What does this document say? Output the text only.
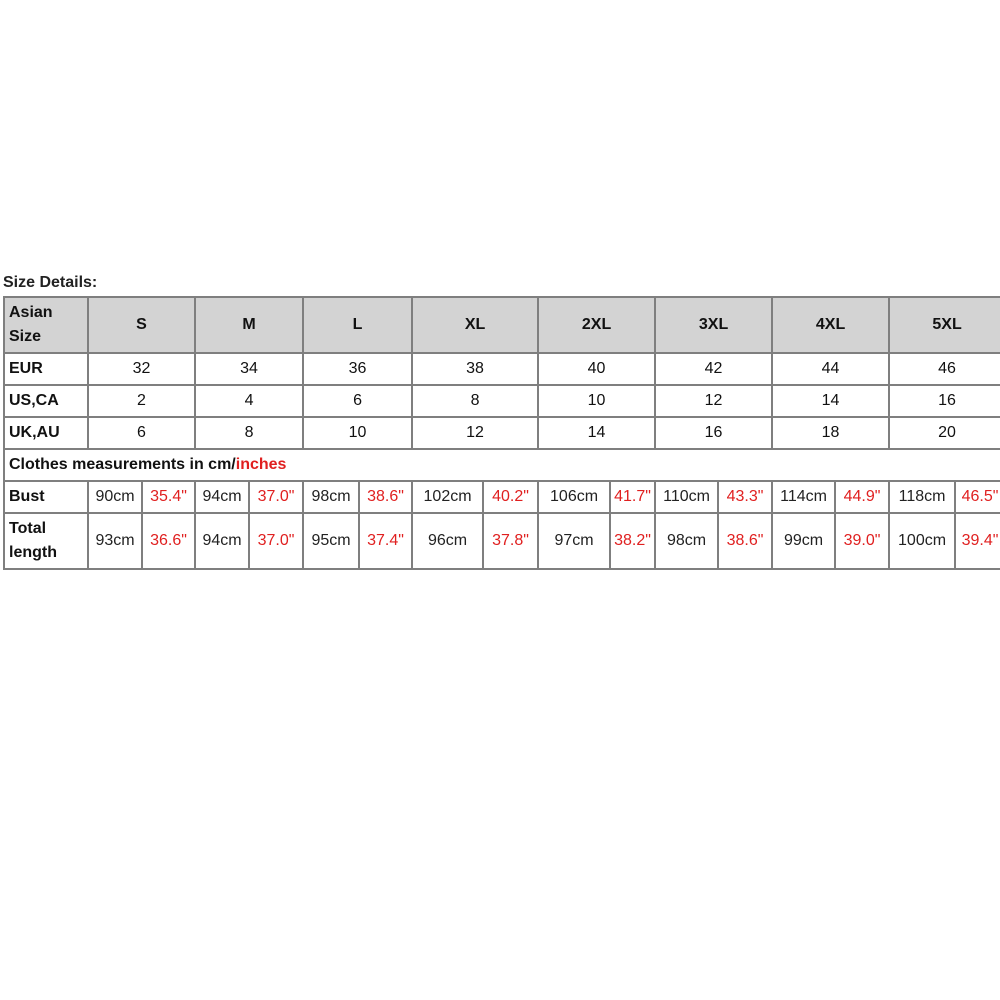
Size Details:
Asian Size	S		M		L		XL		2XL		3XL		4XL		5XL	
EUR	32		34		36		38		40		42		44		46	
US,CA	2		4		6		8		10		12		14		16	
UK,AU	6		8		10		12		14		16		18		20	
Clothes measurements in cm/inches																
Bust	90cm	35.4"	94cm	37.0"	98cm	38.6"	102cm	40.2"	106cm	41.7"	110cm	43.3"	114cm	44.9"	118cm	46.5"
Total length	93cm	36.6"	94cm	37.0"	95cm	37.4"	96cm	37.8"	97cm	38.2"	98cm	38.6"	99cm	39.0"	100cm	39.4"
